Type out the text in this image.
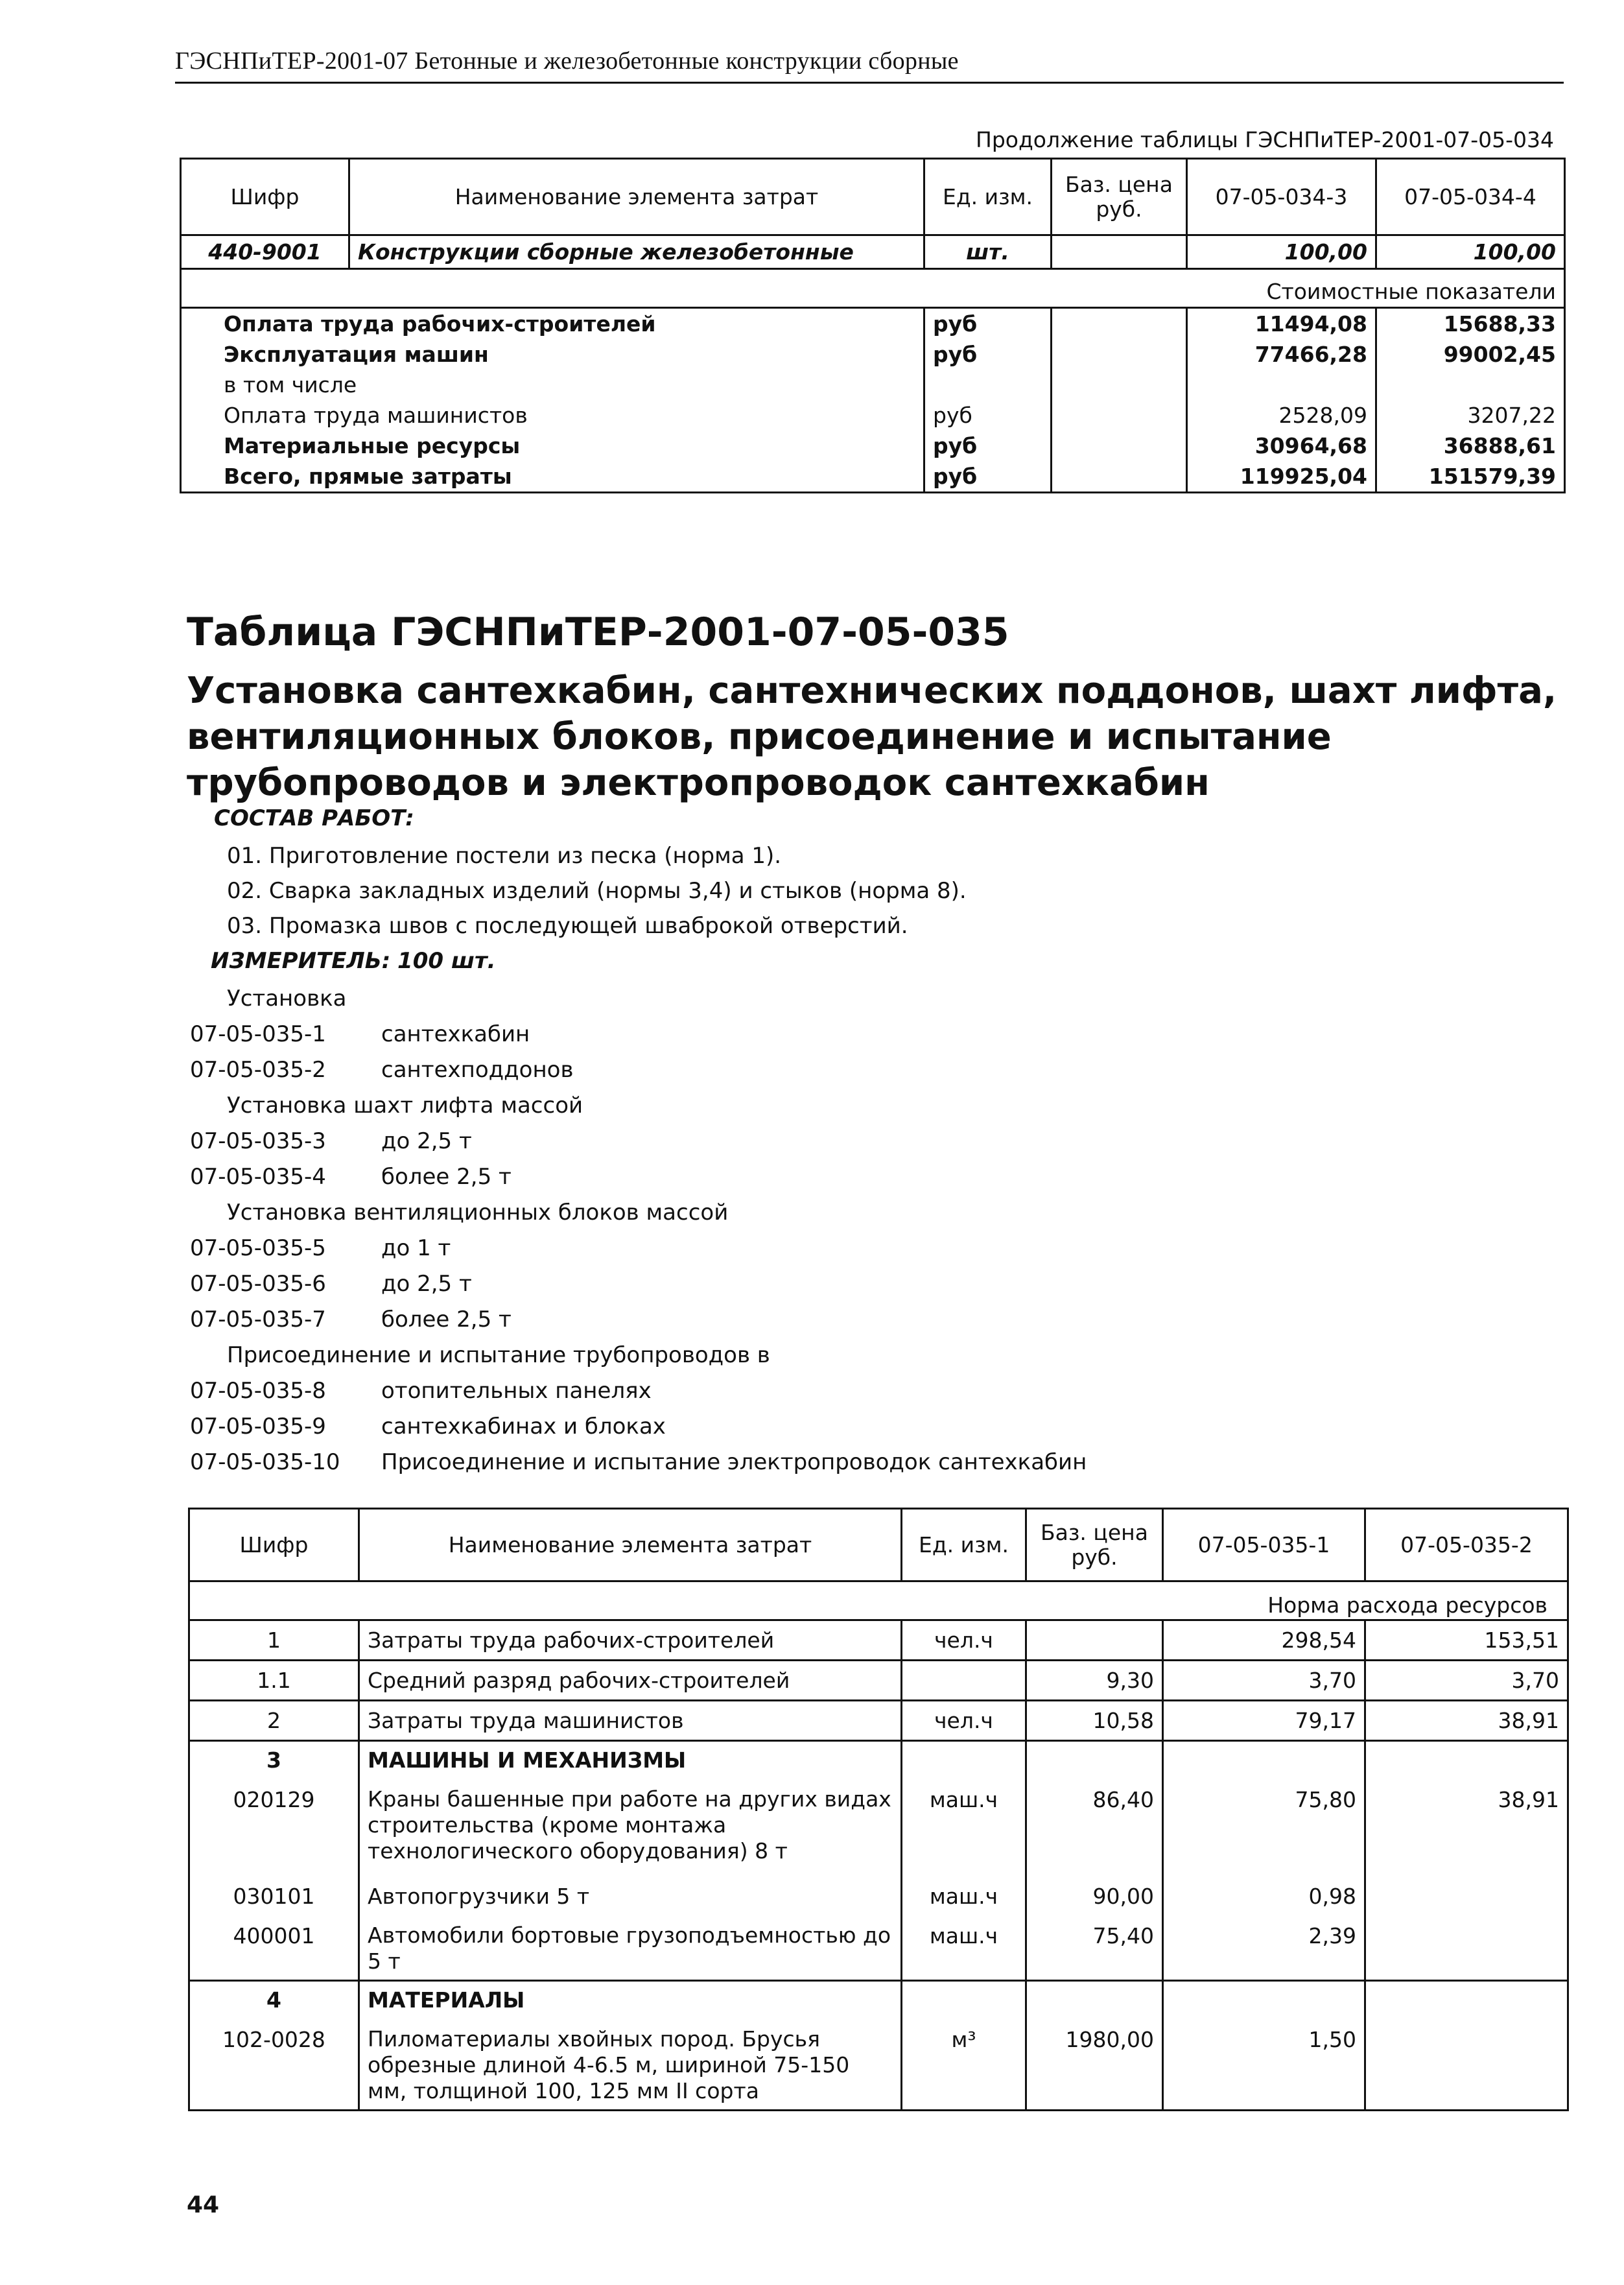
ГЭСНПиТЕР-2001-07 Бетонные и железобетонные конструкции сборные
Продолжение таблицы ГЭСНПиТЕР-2001-07-05-034
Шифр	Наименование элемента затрат	Ед. изм.	Баз. цена руб.	07-05-034-3	07-05-034-4
440-9001	Конструкции сборные железобетонные	шт.		100,00	100,00
Стоимостные показатели					
Оплата труда рабочих-строителей		руб		11494,08	15688,33
Эксплуатация машин		руб		77466,28	99002,45
в том числе					
Оплата труда машинистов		руб		2528,09	3207,22
Материальные ресурсы		руб		30964,68	36888,61
Всего, прямые затраты		руб		119925,04	151579,39
Таблица ГЭСНПиТЕР-2001-07-05-035
Установка сантехкабин, сантехнических поддонов, шахт лифта, вентиляционных блоков, присоединение и испытание трубопроводов и электропроводок сантехкабин
СОСТАВ РАБОТ:
01. Приготовление постели из песка (норма 1).
02. Сварка закладных изделий (нормы 3,4) и стыков (норма 8).
03. Промазка швов с последующей шваброкой отверстий.
ИЗМЕРИТЕЛЬ: 100 шт.
Установка
07-05-035-1	сантехкабин
07-05-035-2	сантехподдонов
Установка шахт лифта массой
07-05-035-3	до 2,5 т
07-05-035-4	более 2,5 т
Установка вентиляционных блоков массой
07-05-035-5	до 1 т
07-05-035-6	до 2,5 т
07-05-035-7	более 2,5 т
Присоединение и испытание трубопроводов в
07-05-035-8	отопительных панелях
07-05-035-9	сантехкабинах и блоках
07-05-035-10 Присоединение и испытание электропроводок сантехкабин
Шифр	Наименование элемента затрат	Ед. изм.	Баз. цена руб.	07-05-035-1	07-05-035-2
Норма расхода ресурсов					
1	Затраты труда рабочих-строителей	чел.ч		298,54	153,51
1.1	Средний разряд рабочих-строителей		9,30	3,70	3,70
2	Затраты труда машинистов	чел.ч	10,58	79,17	38,91
3	МАШИНЫ И МЕХАНИЗМЫ				
020129	Краны башенные при работе на других видах строительства (кроме монтажа технологического оборудования) 8 т	маш.ч	86,40	75,80	38,91
030101	Автопогрузчики 5 т	маш.ч	90,00	0,98	
400001	Автомобили бортовые грузоподъемностью до 5 т	маш.ч	75,40	2,39	
4	МАТЕРИАЛЫ				
102-0028	Пиломатериалы хвойных пород. Брусья обрезные длиной 4-6.5 м, шириной 75-150 мм, толщиной 100, 125 мм II сорта	м³	1980,00	1,50	
44
